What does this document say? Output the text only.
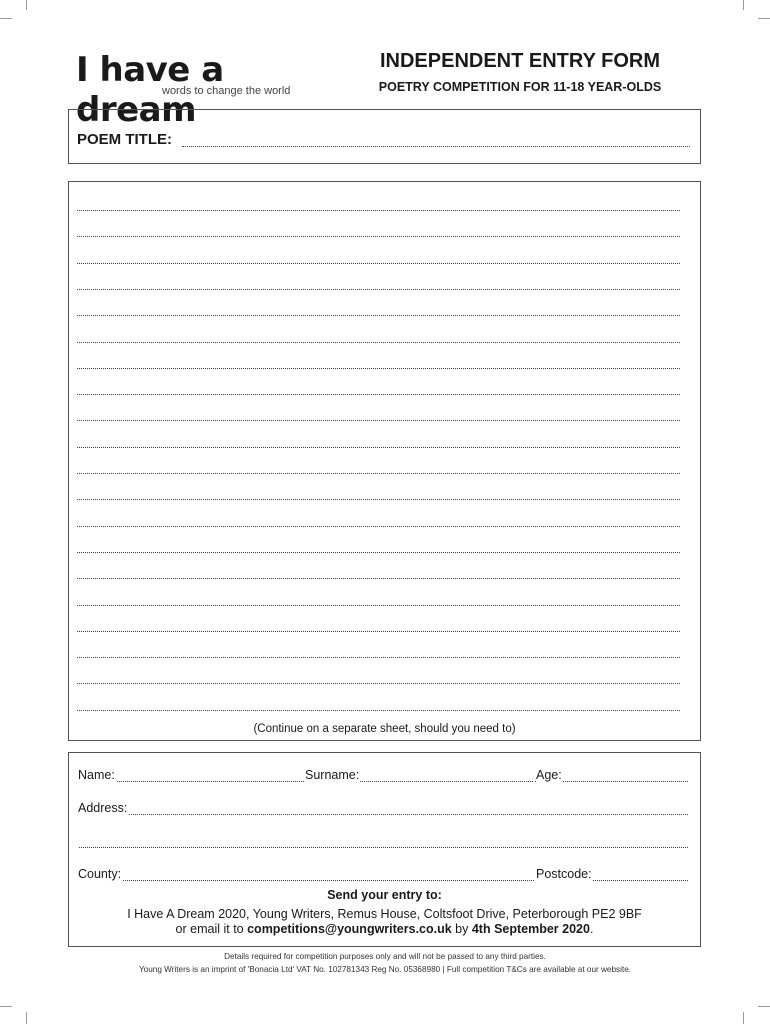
I have a dream
words to change the world
INDEPENDENT ENTRY FORM
POETRY COMPETITION FOR 11-18 YEAR-OLDS
POEM TITLE:
(Continue on a separate sheet, should you need to)
Name:	Surname:	Age:
Address:
County:	Postcode:
Send your entry to:
I Have A Dream 2020, Young Writers, Remus House, Coltsfoot Drive, Peterborough PE2 9BF
or email it to competitions@youngwriters.co.uk by 4th September 2020.
Details required for competition purposes only and will not be passed to any third parties.
Young Writers is an imprint of 'Bonacia Ltd' VAT No. 102781343 Reg No. 05368980 | Full competition T&Cs are available at our website.
